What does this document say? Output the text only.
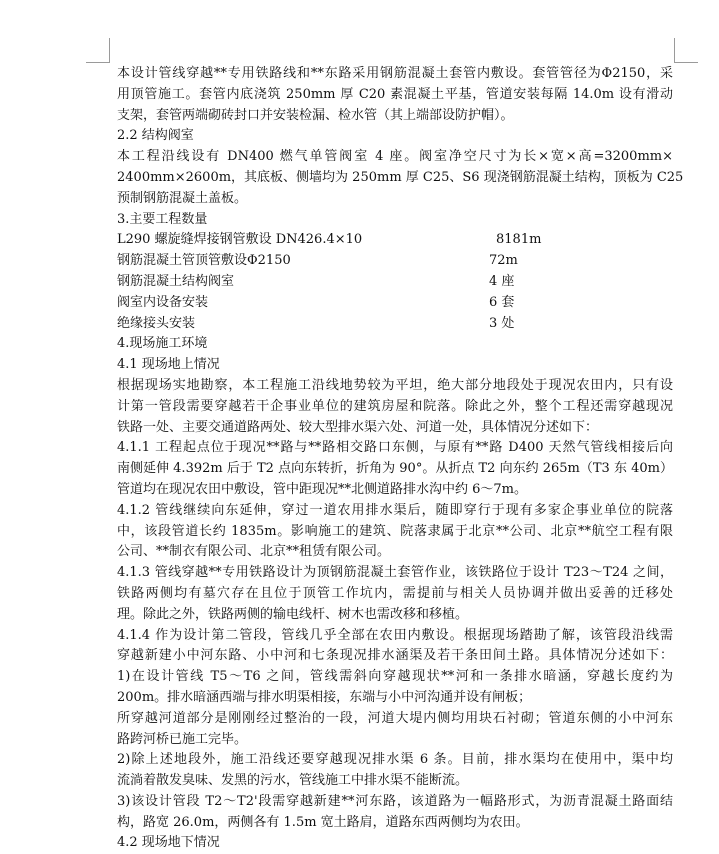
本设计管线穿越**专用铁路线和**东路采用钢筋混凝土套管内敷设。套管管径为Φ2150，采
用顶管施工。套管内底浇筑 250mm 厚 C20 素混凝土平基，管道安装每隔 14.0m 设有滑动
支架，套管两端砌砖封口并安装检漏、检水管（其上端部设防护帽）。
2.2 结构阀室
本工程沿线设有 DN400 燃气单管阀室 4 座。阀室净空尺寸为长×宽×高=3200mm×
2400mm×2600m，其底板、侧墙均为 250mm 厚 C25、S6 现浇钢筋混凝土结构，顶板为 C25
预制钢筋混凝土盖板。
3.主要工程数量
L290 螺旋缝焊接钢管敷设 DN426.4×10	8181m
钢筋混凝土管顶管敷设Φ2150	72m
钢筋混凝土结构阀室	4 座
阀室内设备安装	6 套
绝缘接头安装	3 处
4.现场施工环境
4.1 现场地上情况
根据现场实地勘察，本工程施工沿线地势较为平坦，绝大部分地段处于现况农田内，只有设
计第一管段需要穿越若干企事业单位的建筑房屋和院落。除此之外，整个工程还需穿越现况
铁路一处、主要交通道路两处、较大型排水渠六处、河道一处，具体情况分述如下：
4.1.1 工程起点位于现况**路与**路相交路口东侧，与原有**路 D400 天然气管线相接后向
南侧延伸 4.392m 后于 T2 点向东转折，折角为 90°。从折点 T2 向东约 265m（T3 东 40m）
管道均在现况农田中敷设，管中距现况**北侧道路排水沟中约 6～7m。
4.1.2 管线继续向东延伸，穿过一道农用排水渠后，随即穿行于现有多家企事业单位的院落
中，该段管道长约 1835m。影响施工的建筑、院落隶属于北京**公司、北京**航空工程有限
公司、**制衣有限公司、北京**租赁有限公司。
4.1.3 管线穿越**专用铁路设计为顶钢筋混凝土套管作业，该铁路位于设计 T23～T24 之间，
铁路两侧均有墓穴存在且位于顶管工作坑内，需提前与相关人员协调并做出妥善的迁移处
理。除此之外，铁路两侧的输电线杆、树木也需改移和移植。
4.1.4 作为设计第二管段，管线几乎全部在农田内敷设。根据现场踏勘了解，该管段沿线需
穿越新建小中河东路、小中河和七条现况排水涵渠及若干条田间土路。具体情况分述如下：
1)在设计管线 T5～T6 之间，管线需斜向穿越现状**河和一条排水暗涵，穿越长度约为
200m。排水暗涵西端与排水明渠相接，东端与小中河沟通并设有闸板；
所穿越河道部分是刚刚经过整治的一段，河道大堤内侧均用块石衬砌；管道东侧的小中河东
路跨河桥已施工完毕。
2)除上述地段外，施工沿线还要穿越现况排水渠 6 条。目前，排水渠均在使用中，渠中均
流淌着散发臭味、发黑的污水，管线施工中排水渠不能断流。
3)该设计管段 T2～T2'段需穿越新建**河东路，该道路为一幅路形式，为沥青混凝土路面结
构，路宽 26.0m，两侧各有 1.5m 宽土路肩，道路东西两侧均为农田。
4.2 现场地下情况
